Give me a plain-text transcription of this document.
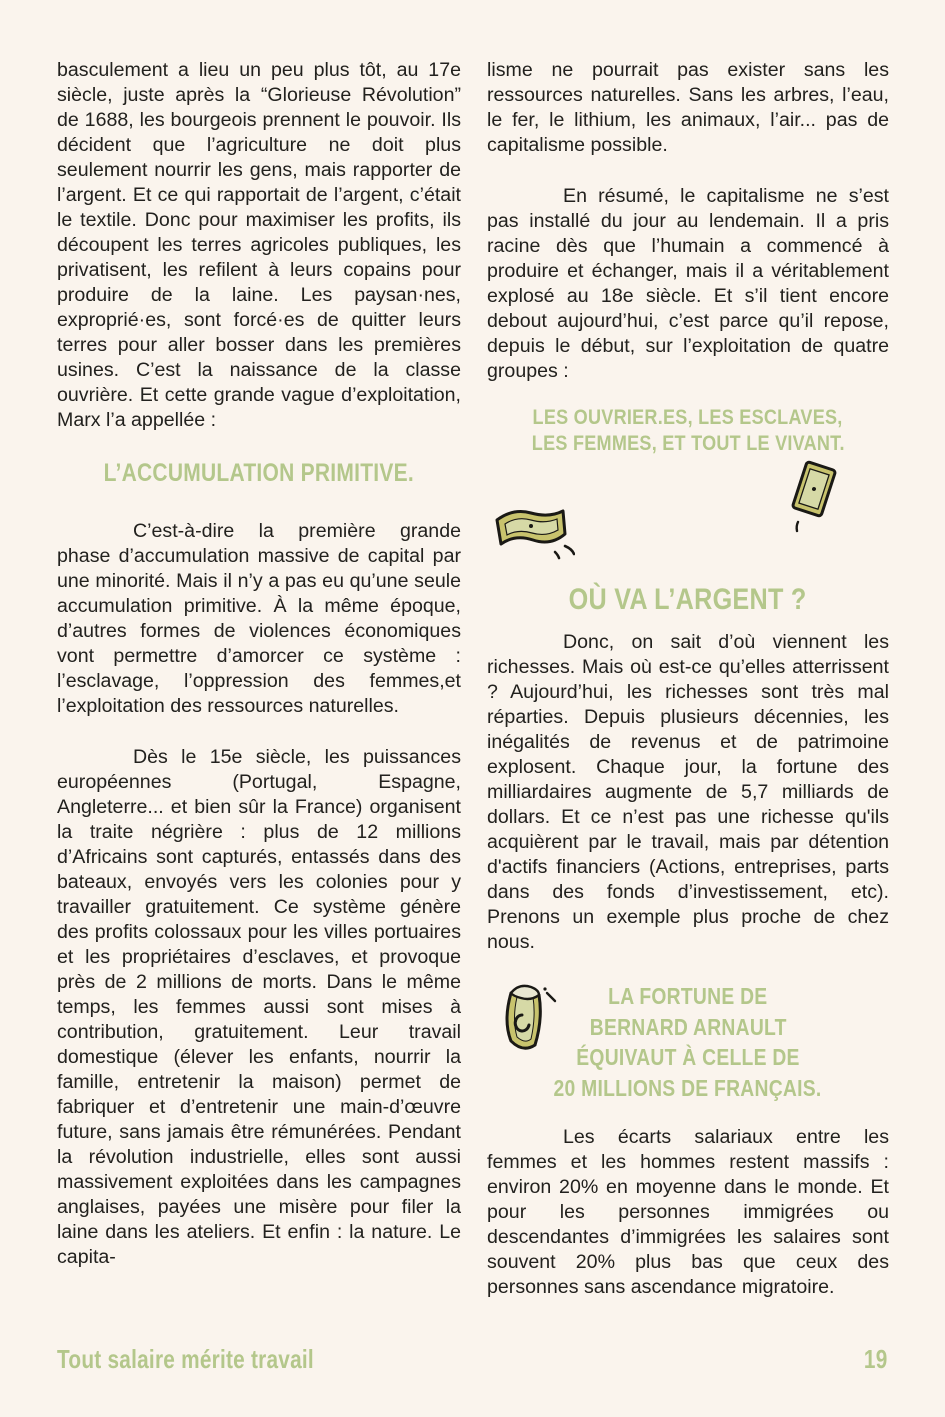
basculement a lieu un peu plus tôt, au 17e siècle, juste après la “Glorieuse Révolution” de 1688, les bourgeois prennent le pouvoir. Ils décident que l’agriculture ne doit plus seulement nourrir les gens, mais rapporter de l’argent. Et ce qui rapportait de l’argent, c’était le textile. Donc pour maximiser les profits, ils découpent les terres agricoles publiques, les privatisent, les refilent à leurs copains pour produire de la laine. Les paysan·nes, exproprié·es, sont forcé·es de quitter leurs terres pour aller bosser dans les premières usines. C’est la naissance de la classe ouvrière. Et cette grande vague d’exploitation, Marx l’a appellée :

L’ACCUMULATION PRIMITIVE.

C’est-à-dire la première grande phase d’accumulation massive de capital par une minorité. Mais il n’y a pas eu qu’une seule accumulation primitive. À la même époque, d’autres formes de violences économiques vont permettre d’amorcer ce système : l’esclavage, l’oppression des femmes,et l’exploitation des ressources naturelles.

Dès le 15e siècle, les puissances européennes (Portugal, Espagne, Angleterre... et bien sûr la France) organisent la traite négrière : plus de 12 millions d’Africains sont capturés, entassés dans des bateaux, envoyés vers les colonies pour y travailler gratuitement. Ce système génère des profits colossaux pour les villes portuaires et les propriétaires d’esclaves, et provoque près de 2 millions de morts. Dans le même temps, les femmes aussi sont mises à contribution, gratuitement. Leur travail domestique (élever les enfants, nourrir la famille, entretenir la maison) permet de fabriquer et d’entretenir une main-d’œuvre future, sans jamais être rémunérées. Pendant la révolution industrielle, elles sont aussi massivement exploitées dans les campagnes anglaises, payées une misère pour filer la laine dans les ateliers. Et enfin : la nature. Le capita-

lisme ne pourrait pas exister sans les ressources naturelles. Sans les arbres, l’eau, le fer, le lithium, les animaux, l’air... pas de capitalisme possible.

En résumé, le capitalisme ne s’est pas installé du jour au lendemain. Il a pris racine dès que l’humain a commencé à produire et échanger, mais il a véritablement explosé au 18e siècle. Et s’il tient encore debout aujourd’hui, c’est parce qu’il repose, depuis le début, sur l’exploitation de quatre groupes :

LES OUVRIER.ES, LES ESCLAVES,
LES FEMMES, ET TOUT LE VIVANT.
OÙ VA L’ARGENT ?

Donc, on sait d’où viennent les richesses. Mais où est-ce qu’elles atterrissent ? Aujourd’hui, les richesses sont très mal réparties. Depuis plusieurs décennies, les inégalités de revenus et de patrimoine explosent. Chaque jour, la fortune des milliardaires augmente de 5,7 milliards de dollars. Et ce n’est pas une richesse qu'ils acquièrent par le travail, mais par détention d'actifs financiers (Actions, entreprises, parts dans des fonds d’investissement, etc). Prenons un exemple plus proche de chez nous.

LA FORTUNE DE
BERNARD ARNAULT
ÉQUIVAUT À CELLE DE
20 MILLIONS DE FRANÇAIS.

Les écarts salariaux entre les femmes et les hommes restent massifs : environ 20% en moyenne dans le monde. Et pour les personnes immigrées ou descendantes d’immigrées les salaires sont souvent 20% plus bas que ceux des personnes sans ascendance migratoire.

Tout salaire mérite travail	19
